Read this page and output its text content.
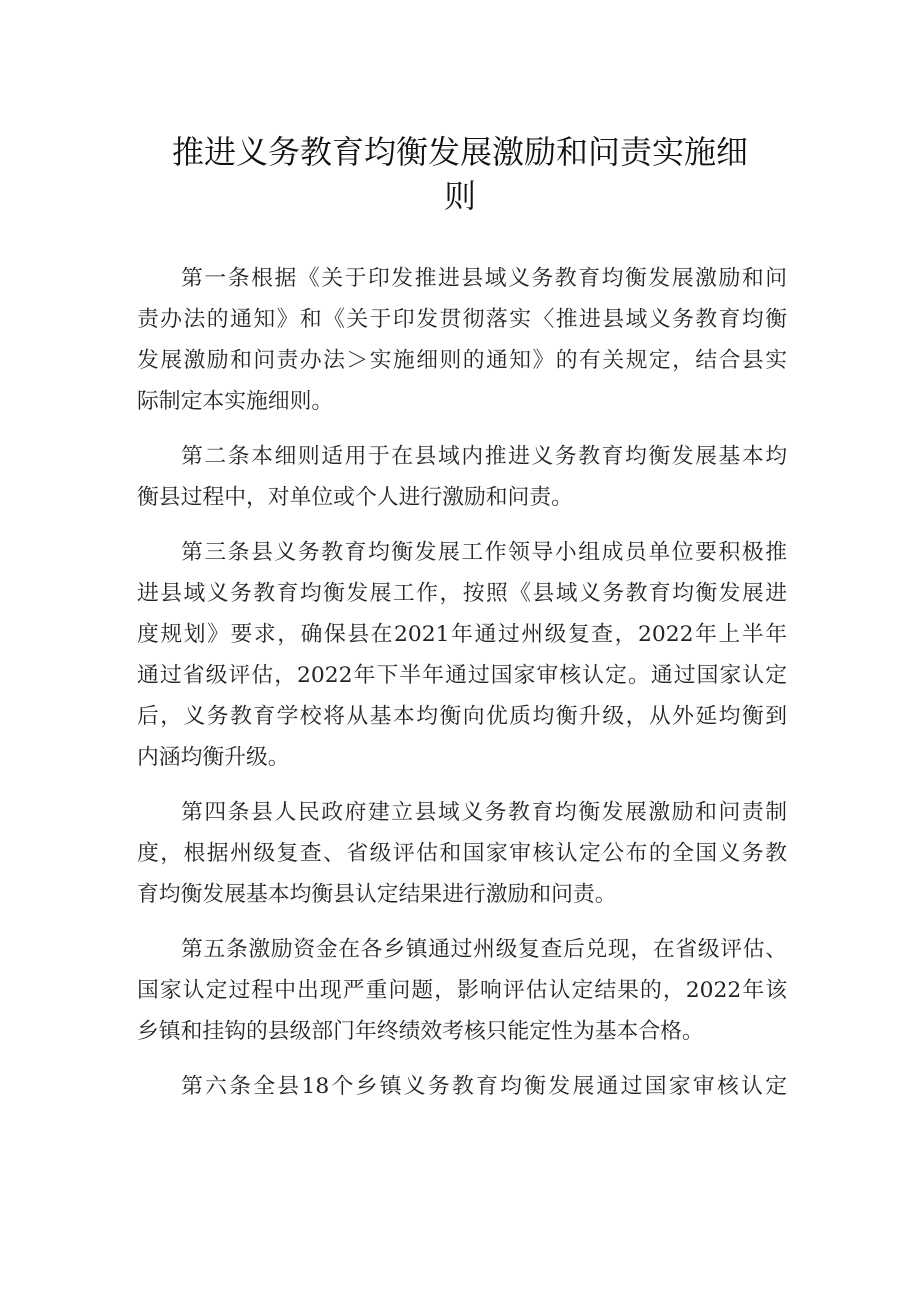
推进义务教育均衡发展激励和问责实施细
则

第一条根据《关于印发推进县域义务教育均衡发展激励和问
责办法的通知》和《关于印发贯彻落实〈推进县域义务教育均衡
发展激励和问责办法＞实施细则的通知》的有关规定，结合县实
际制定本实施细则。

第二条本细则适用于在县域内推进义务教育均衡发展基本均
衡县过程中，对单位或个人进行激励和问责。

第三条县义务教育均衡发展工作领导小组成员单位要积极推
进县域义务教育均衡发展工作，按照《县域义务教育均衡发展进
度规划》要求，确保县在2021年通过州级复查，2022年上半年
通过省级评估，2022年下半年通过国家审核认定。通过国家认定
后，义务教育学校将从基本均衡向优质均衡升级，从外延均衡到
内涵均衡升级。

第四条县人民政府建立县域义务教育均衡发展激励和问责制
度，根据州级复查、省级评估和国家审核认定公布的全国义务教
育均衡发展基本均衡县认定结果进行激励和问责。

第五条激励资金在各乡镇通过州级复查后兑现，在省级评估、
国家认定过程中出现严重问题，影响评估认定结果的，2022年该
乡镇和挂钩的县级部门年终绩效考核只能定性为基本合格。

第六条全县18个乡镇义务教育均衡发展通过国家审核认定
